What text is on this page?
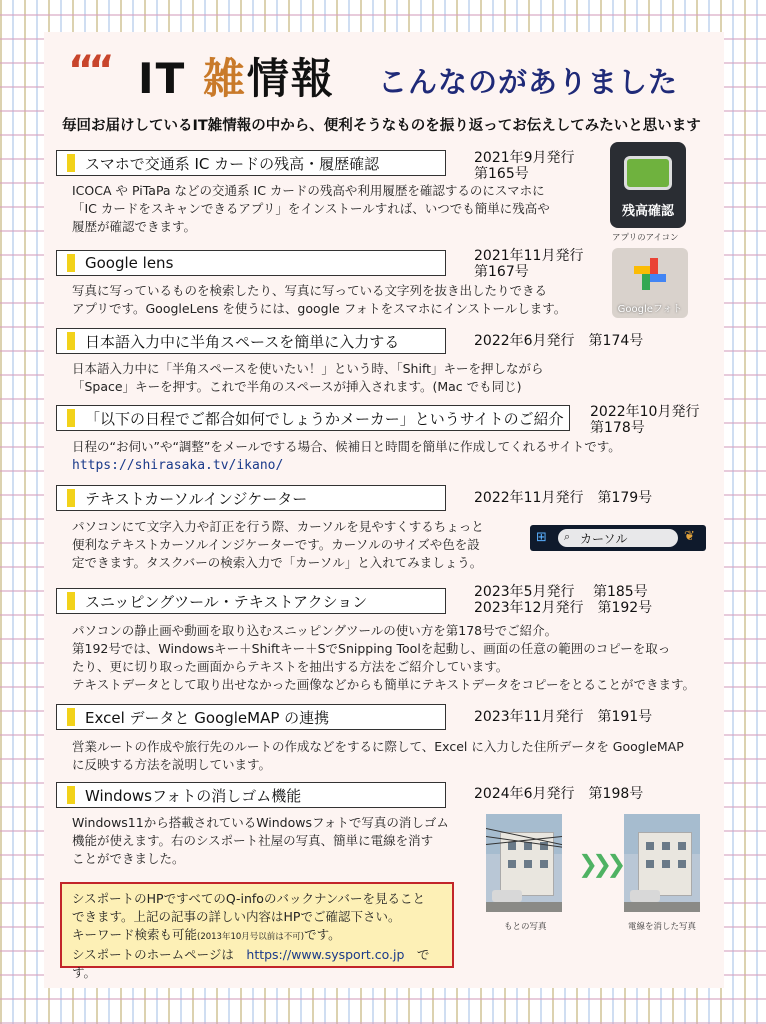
““ IT 雑情報 こんなのがありました
毎回お届けしているIT雑情報の中から、便利そうなものを振り返ってお伝えしてみたいと思います
スマホで交通系 IC カードの残高・履歴確認	2021年9月発行
第165号
ICOCA や PiTaPa などの交通系 IC カードの残高や利用履歴を確認するのにスマホに
「IC カードをスキャンできるアプリ」をインストールすれば、いつでも簡単に残高や
履歴が確認できます。
残高確認
アプリのアイコン
Google lens	2021年11月発行
第167号
写真に写っているものを検索したり、写真に写っている文字列を抜き出したりできる
アプリです。GoogleLens を使うには、google フォトをスマホにインストールします。	Googleフォト
日本語入力中に半角スペースを簡単に入力する	2022年6月発行　第174号
日本語入力中に「半角スペースを使いたい！」という時、「Shift」キーを押しながら
「Space」キーを押す。これで半角のスペースが挿入されます。(Mac でも同じ)
「以下の日程でご都合如何でしょうかメーカー」というサイトのご紹介 2022年10月発行
第178号
日程の“お伺い”や“調整”をメールでする場合、候補日と時間を簡単に作成してくれるサイトです。
https://shirasaka.tv/ikano/
テキストカーソルインジケーター	2022年11月発行　第179号
パソコンにて文字入力や訂正を行う際、カーソルを見やすくするちょっと
便利なテキストカーソルインジケーターです。カーソルのサイズや色を設
定できます。タスクバーの検索入力で「カーソル」と入れてみましょう。
⊞ ⌕ カーソル	❦
スニッピングツール・テキストアクション
2023年5月発行　 第185号
2023年12月発行　第192号
パソコンの静止画や動画を取り込むスニッピングツールの使い方を第178号でご紹介。
第192号では、Windowsキー＋Shiftキー＋SでSnipping Toolを起動し、画面の任意の範囲のコピーを取っ
たり、更に切り取った画面からテキストを抽出する方法をご紹介しています。
テキストデータとして取り出せなかった画像などからも簡単にテキストデータをコピーをとることができます。
Excel データと GoogleMAP の連携	2023年11月発行　第191号
営業ルートの作成や旅行先のルートの作成などをするに際して、Excel に入力した住所データを GoogleMAP
に反映する方法を説明しています。
Windowsフォトの消しゴム機能	2024年6月発行　第198号
Windows11から搭載されているWindowsフォトで写真の消しゴム
機能が使えます。右のシスポート社屋の写真、簡単に電線を消す
ことができました。
もとの写真
❯❯❯
電線を消した写真
シスポートのHPですべてのQ-infoのバックナンバーを見ること
できます。上記の記事の詳しい内容はHPでご確認下さい。
キーワード検索も可能(2013年10月号以前は不可)です。
シスポートのホームページは　https://www.sysport.co.jp　です。
